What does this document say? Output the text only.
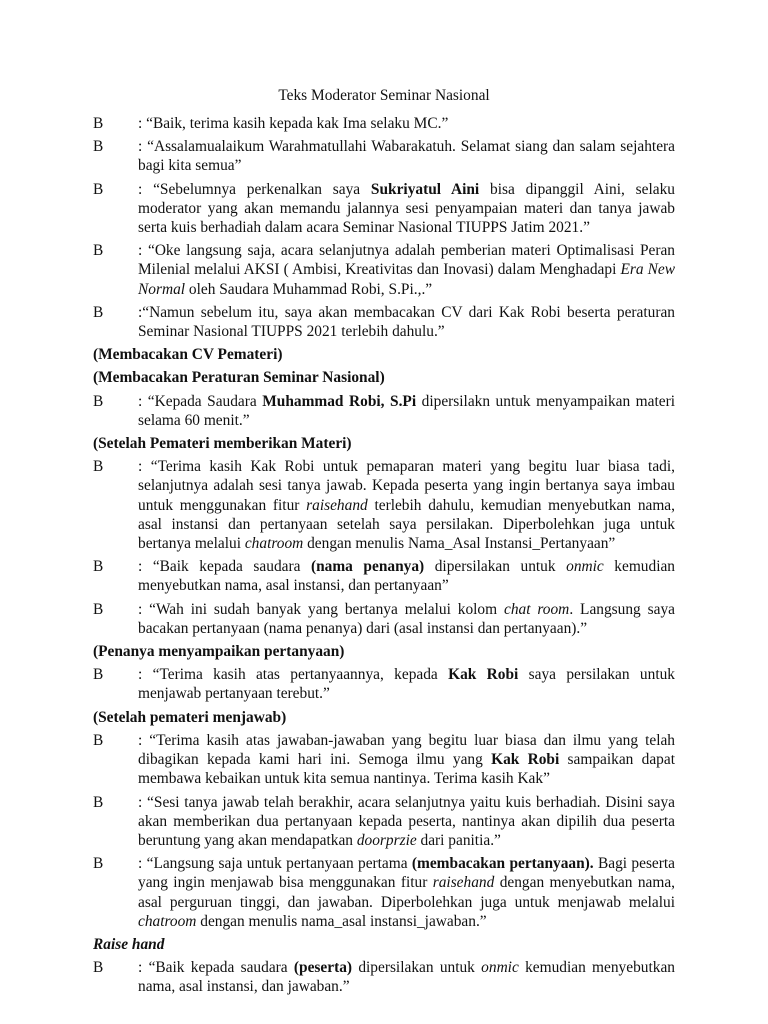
Teks Moderator Seminar Nasional
B	: “Baik, terima kasih kepada kak Ima selaku MC.”
B	: “Assalamualaikum Warahmatullahi Wabarakatuh. Selamat siang dan salam sejahtera bagi kita semua”
B	: “Sebelumnya perkenalkan saya Sukriyatul Aini bisa dipanggil Aini, selaku moderator yang akan memandu jalannya sesi penyampaian materi dan tanya jawab serta kuis berhadiah dalam acara Seminar Nasional TIUPPS Jatim 2021.”
B	: “Oke langsung saja, acara selanjutnya adalah pemberian materi Optimalisasi Peran Milenial melalui AKSI ( Ambisi, Kreativitas dan Inovasi) dalam Menghadapi Era New Normal oleh Saudara Muhammad Robi, S.Pi.,.”
B	:“Namun sebelum itu, saya akan membacakan CV dari Kak Robi beserta peraturan Seminar Nasional TIUPPS 2021 terlebih dahulu.”
(Membacakan CV Pemateri)
(Membacakan Peraturan Seminar Nasional)
B	: “Kepada Saudara Muhammad Robi, S.Pi dipersilakn untuk menyampaikan materi selama 60 menit.”
(Setelah Pemateri memberikan Materi)
B	: “Terima kasih Kak Robi untuk pemaparan materi yang begitu luar biasa tadi, selanjutnya adalah sesi tanya jawab. Kepada peserta yang ingin bertanya saya imbau untuk menggunakan fitur raisehand terlebih dahulu, kemudian menyebutkan nama, asal instansi dan pertanyaan setelah saya persilakan. Diperbolehkan juga untuk bertanya melalui chatroom dengan menulis Nama_Asal Instansi_Pertanyaan”
B	: “Baik kepada saudara (nama penanya) dipersilakan untuk onmic kemudian menyebutkan nama, asal instansi, dan pertanyaan”
B	: “Wah ini sudah banyak yang bertanya melalui kolom chat room. Langsung saya bacakan pertanyaan (nama penanya) dari (asal instansi dan pertanyaan).”
(Penanya menyampaikan pertanyaan)
B	: “Terima kasih atas pertanyaannya, kepada Kak Robi saya persilakan untuk menjawab pertanyaan terebut.”
(Setelah pemateri menjawab)
B	: “Terima kasih atas jawaban-jawaban yang begitu luar biasa dan ilmu yang telah dibagikan kepada kami hari ini. Semoga ilmu yang Kak Robi sampaikan dapat membawa kebaikan untuk kita semua nantinya. Terima kasih Kak”
B	: “Sesi tanya jawab telah berakhir, acara selanjutnya yaitu kuis berhadiah. Disini saya akan memberikan dua pertanyaan kepada peserta, nantinya akan dipilih dua peserta beruntung yang akan mendapatkan doorprzie dari panitia.”
B	: “Langsung saja untuk pertanyaan pertama (membacakan pertanyaan). Bagi peserta yang ingin menjawab bisa menggunakan fitur raisehand dengan menyebutkan nama, asal perguruan tinggi, dan jawaban. Diperbolehkan juga untuk menjawab melalui chatroom dengan menulis nama_asal instansi_jawaban.”
Raise hand
B	: “Baik kepada saudara (peserta) dipersilakan untuk onmic kemudian menyebutkan nama, asal instansi, dan jawaban.”
